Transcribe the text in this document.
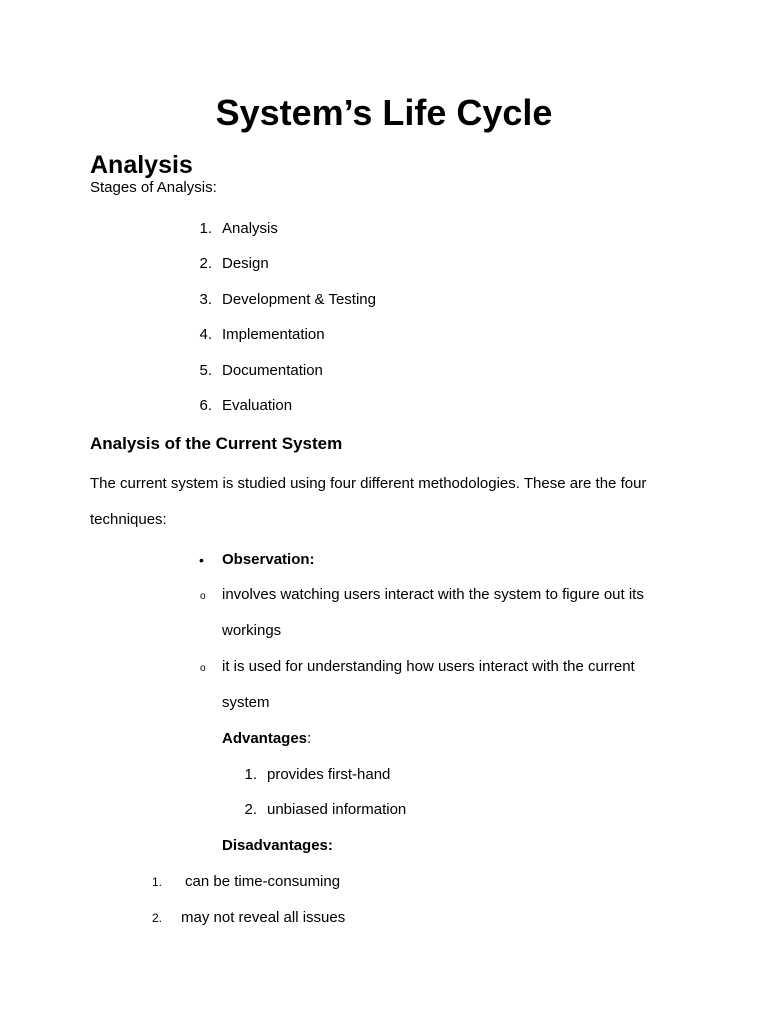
System’s Life Cycle
Analysis
Stages of Analysis:
1. Analysis
2. Design
3. Development & Testing
4. Implementation
5. Documentation
6. Evaluation
Analysis of the Current System
The current system is studied using four different methodologies. These are the four
techniques:
• Observation:
o involves watching users interact with the system to figure out its
workings
o it is used for understanding how users interact with the current
system
Advantages:
1. provides first-hand
2. unbiased information
Disadvantages:
1. can be time-consuming
2. may not reveal all issues
